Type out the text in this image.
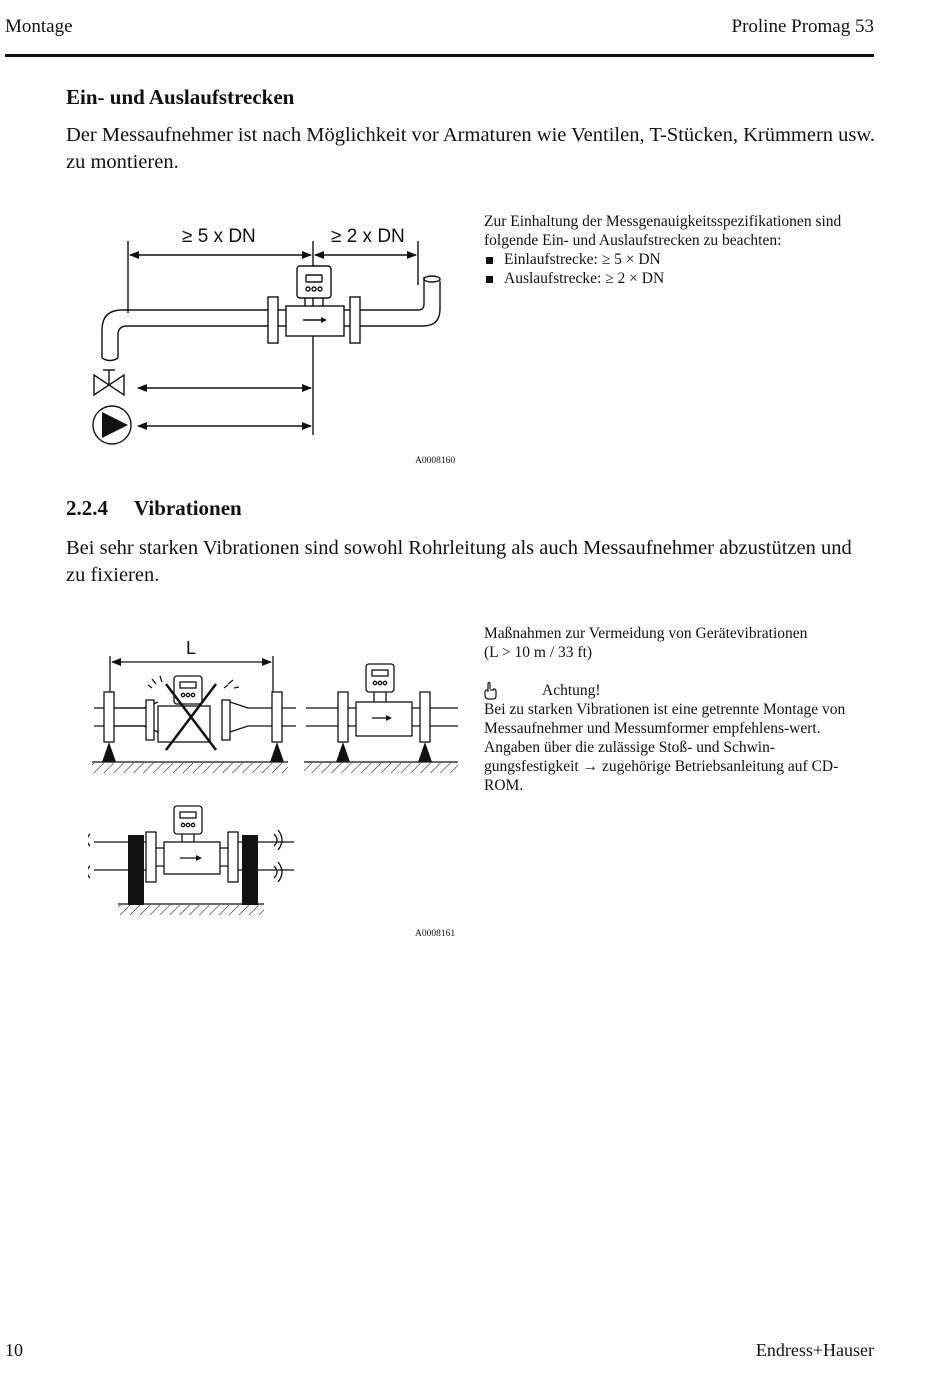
Montage	Proline Promag 53
Ein- und Auslaufstrecken
Der Messaufnehmer ist nach Möglichkeit vor Armaturen wie Ventilen, T-Stücken, Krümmern usw. zu montieren.
≥ 5 x DN	≥ 2 x DN
A0008160
Zur Einhaltung der Messgenauigkeitsspezifikationen sind folgende Ein- und Auslaufstrecken zu beachten:
Einlaufstrecke: ≥ 5 × DN
Auslaufstrecke: ≥ 2 × DN
2.2.4 Vibrationen
Bei sehr starken Vibrationen sind sowohl Rohrleitung als auch Messaufnehmer abzustützen und zu fixieren.
L
A0008161
Maßnahmen zur Vermeidung von Gerätevibrationen
(L > 10 m / 33 ft)
Achtung!
Bei zu starken Vibrationen ist eine getrennte Montage von Messaufnehmer und Messumformer empfehlens-wert. Angaben über die zulässige Stoß- und Schwin-gungsfestigkeit → zugehörige Betriebsanleitung auf CD-ROM.
10	Endress+Hauser
